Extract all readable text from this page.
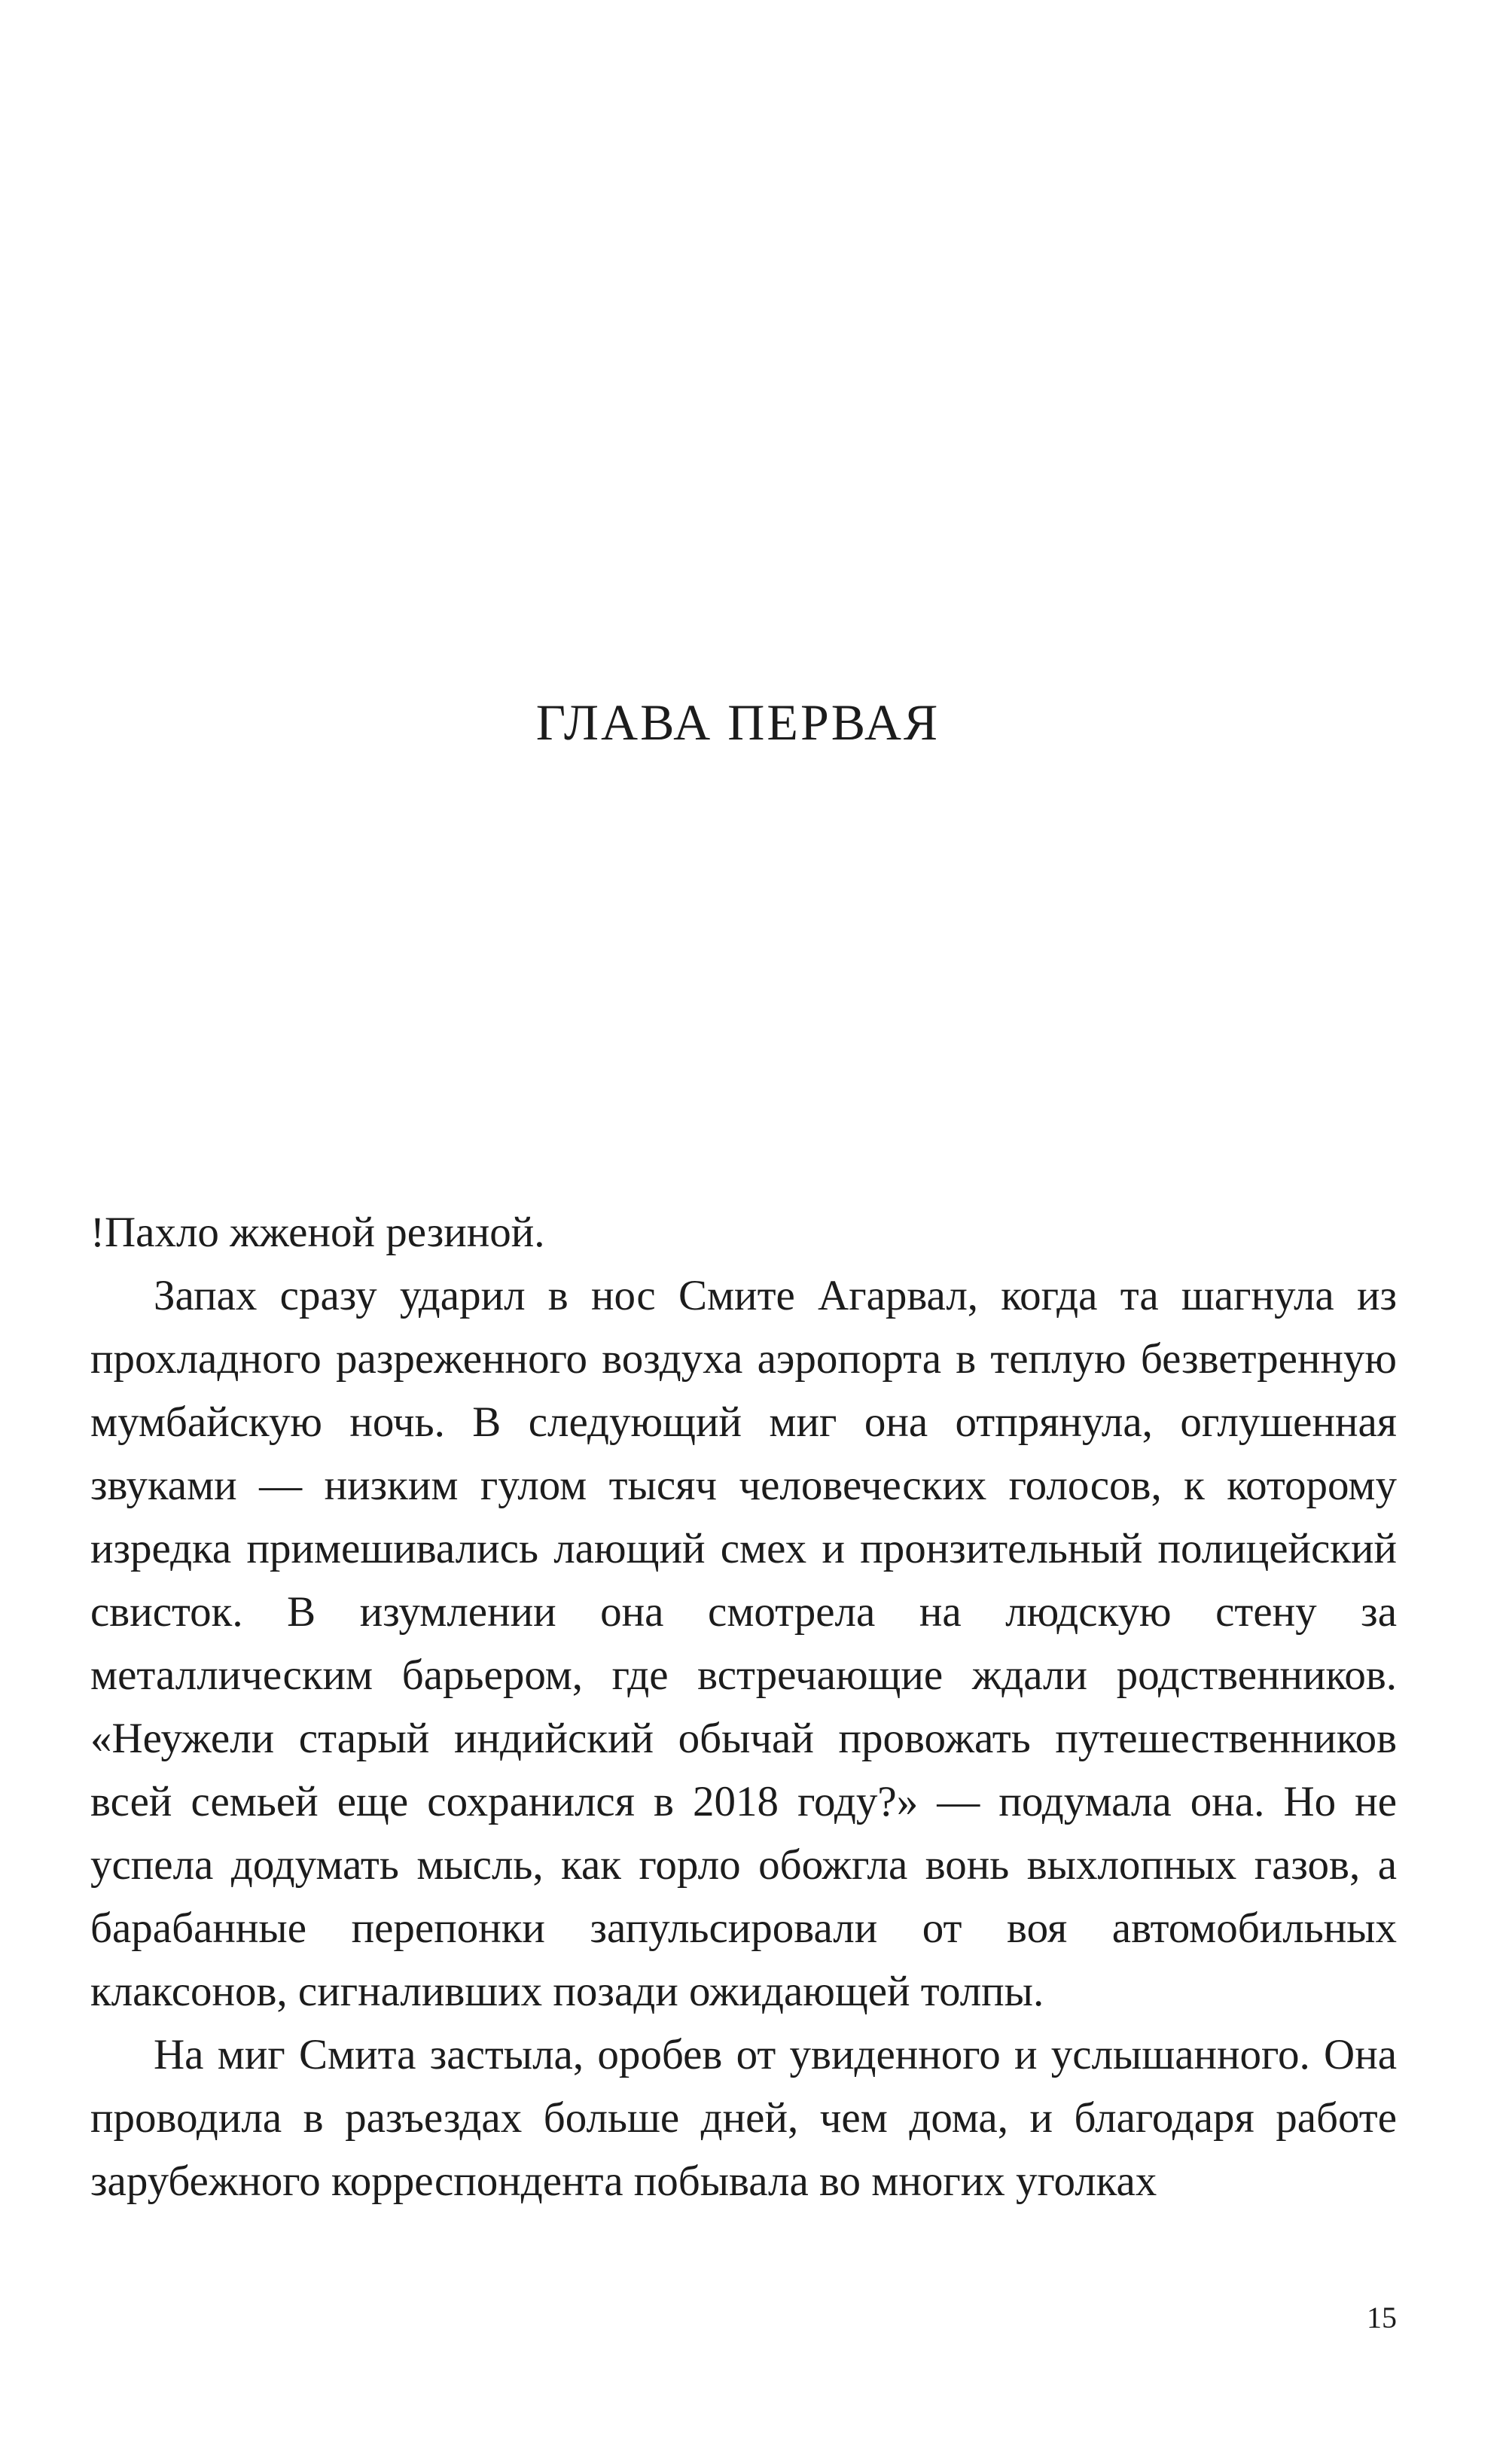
ГЛАВА ПЕРВАЯ

!Пахло жженой резиной.

Запах сразу ударил в нос Смите Агарвал, когда та шагнула из прохладного разреженного воздуха аэропорта в теплую безветренную мумбайскую ночь. В следующий миг она отпрянула, оглушенная звуками — низким гулом тысяч человеческих голосов, к которому изредка примешивались лающий смех и пронзительный полицейский свисток. В изумлении она смотрела на людскую стену за металлическим барьером, где встречающие ждали родственников. «Неужели старый индийский обычай провожать путешественников всей семьей еще сохранился в 2018 году?» — подумала она. Но не успела додумать мысль, как горло обожгла вонь выхлопных газов, а барабанные перепонки запульсировали от воя автомобильных клаксонов, сигналивших позади ожидающей толпы.

На миг Смита застыла, оробев от увиденного и услышанного. Она проводила в разъездах больше дней, чем дома, и благодаря работе зарубежного корреспондента побывала во многих уголках

15
